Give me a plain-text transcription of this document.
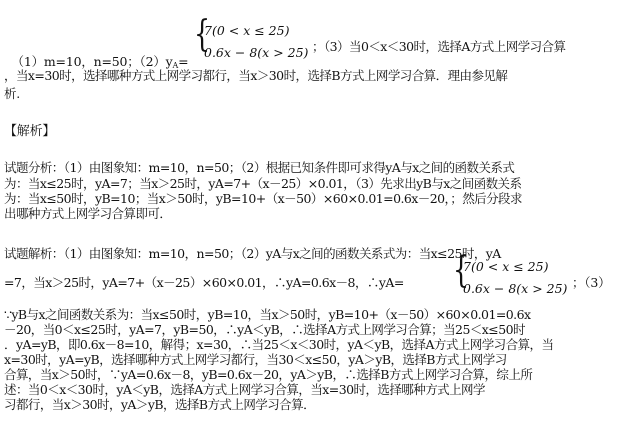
（1）m=10，n=50；$(2)y_A=$

{
7(0 < x ≤ 25)
0.6x − 8(x > 25) ；（3）当0＜x＜30时，选择A方式上网学习合算
，当x=30时，选择哪种方式上网学习都行，当x＞30时，选择B方式上网学习合算．理由参见解
析.
【解析】
试题分析：（1）由图象知：m=10，n=50；（2）根据已知条件即可求得yA与x之间的函数关系式
为：当x≤25时，yA=7；当x＞25时，yA=7+（x－25）×0.01，（3）先求出yB与x之间函数关系
为：当x≤50时，yB=10；当x＞50时，yB=10+（x－50）×60×0.01=0.6x－20，；然后分段求
出哪种方式上网学习合算即可．
试题解析：（1）由图象知：m=10，n=50；（2）yA与x之间的函数关系式为：当x≤25时，yA
=7，当x＞25时，yA=7+（x－25）×60×0.01，∴yA=0.6x－8，∴yA= {
7(0 < x ≤ 25)
0.6x − 8(x > 25) ；（3）
∵yB与x之间函数关系为：当x≤50时，yB=10，当x＞50时，yB=10+（x－50）×60×0.01=0.6x
－20，当0＜x≤25时，yA=7，yB=50，∴yA＜yB，∴选择A方式上网学习合算；当25＜x≤50时
．yA=yB，即0.6x－8=10，解得；x=30，∴当25＜x＜30时，yA＜yB，选择A方式上网学习合算，当
x=30时，yA=yB，选择哪种方式上网学习都行，当30＜x≤50，yA＞yB，选择B方式上网学习
合算，当x＞50时，∵yA=0.6x－8，yB=0.6x－20，yA＞yB，∴选择B方式上网学习合算，综上所
述：当0＜x＜30时，yA＜yB，选择A方式上网学习合算，当x=30时，选择哪种方式上网学
习都行，当x＞30时，yA＞yB，选择B方式上网学习合算．
